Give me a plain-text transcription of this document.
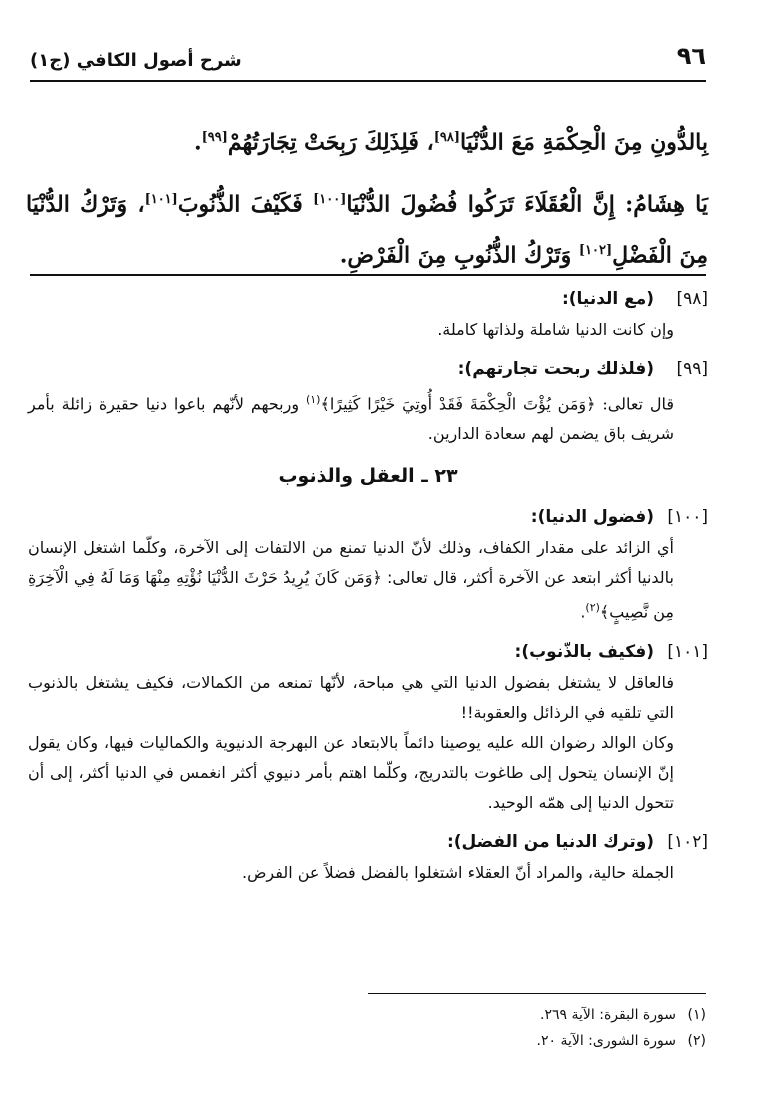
٩٦
شرح أصول الكافي (ج١)

بِالدُّونِ مِنَ الْحِكْمَةِ مَعَ الدُّنْيَا[٩٨]، فَلِذَلِكَ رَبِحَتْ تِجَارَتُهُمْ[٩٩].

يَا هِشَامُ: إِنَّ الْعُقَلَاءَ تَرَكُوا فُضُولَ الدُّنْيَا[١٠٠] فَكَيْفَ الذُّنُوبَ[١٠١]، وَتَرْكُ الدُّنْيَا مِنَ الْفَضْلِ[١٠٢] وَتَرْكُ الذُّنُوبِ مِنَ الْفَرْضِ.

[٩٨] (مع الدنيا):

وإن كانت الدنيا شاملة ولذاتها كاملة.

[٩٩] (فلذلك ربحت تجارتهم):

قال تعالى: ﴿وَمَن يُؤْتَ الْحِكْمَةَ فَقَدْ أُوتِيَ خَيْرًا كَثِيرًا﴾$^{(١)}$ وربحهم لأنّهم باعوا دنيا حقيرة زائلة بأمر شريف باق يضمن لهم سعادة الدارين.

٢٣ ـ العقل والذنوب
[١٠٠] (فضول الدنيا):

أي الزائد على مقدار الكفاف، وذلك لأنّ الدنيا تمنع من الالتفات إلى الآخرة، وكلّما اشتغل الإنسان بالدنيا أكثر ابتعد عن الآخرة أكثر، قال تعالى: ﴿وَمَن كَانَ يُرِيدُ حَرْثَ الدُّنْيَا نُؤْتِهِ مِنْهَا وَمَا لَهُ فِي الْآخِرَةِ مِن نَّصِيبٍ﴾$^{(٢)}$.

[١٠١] (فكيف بالذّنوب):

فالعاقل لا يشتغل بفضول الدنيا التي هي مباحة، لأنّها تمنعه من الكمالات، فكيف يشتغل بالذنوب التي تلقيه في الرذائل والعقوبة!!

وكان الوالد رضوان الله عليه يوصينا دائماً بالابتعاد عن البهرجة الدنيوية والكماليات فيها، وكان يقول إنّ الإنسان يتحول إلى طاغوت بالتدريج، وكلّما اهتم بأمر دنيوي أكثر انغمس في الدنيا أكثر، إلى أن تتحول الدنيا إلى همّه الوحيد.

[١٠٢] (وترك الدنيا من الفضل):

الجملة حالية، والمراد أنّ العقلاء اشتغلوا بالفضل فضلاً عن الفرض.

(١)سورة البقرة: الآية ٢٦٩.
(٢)سورة الشورى: الآية ٢٠.
